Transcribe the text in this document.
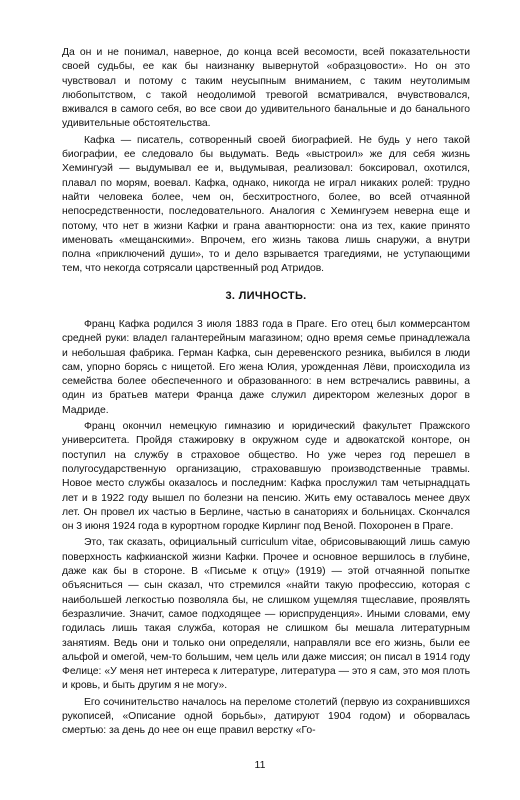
Да он и не понимал, наверное, до конца всей весомости, всей показательности своей судьбы, ее как бы наизнанку вывернутой «образцовости». Но он это чувствовал и потому с таким неусыпным вниманием, с таким неутолимым любопытством, с такой неодолимой тревогой всматривался, вчувствовался, вживался в самого себя, во все свои до удивительного банальные и до банального удивительные обстоятельства.

Кафка — писатель, сотворенный своей биографией. Не будь у него такой биографии, ее следовало бы выдумать. Ведь «выстроил» же для себя жизнь Хемингуэй — выдумывал ее и, выдумывая, реализовал: боксировал, охотился, плавал по морям, воевал. Кафка, однако, никогда не играл никаких ролей: трудно найти человека более, чем он, бесхитростного, более, во всей отчаянной непосредственности, последовательного. Аналогия с Хемингуэем неверна еще и потому, что нет в жизни Кафки и грана авантюрности: она из тех, какие принято именовать «мещанскими». Впрочем, его жизнь такова лишь снаружи, а внутри полна «приключений души», то и дело взрывается трагедиями, не уступающими тем, что некогда сотрясали царственный род Атридов.

3. ЛИЧНОСТЬ.

Франц Кафка родился 3 июля 1883 года в Праге. Его отец был коммерсантом средней руки: владел галантерейным магазином; одно время семье принадлежала и небольшая фабрика. Герман Кафка, сын деревенского резника, выбился в люди сам, упорно борясь с нищетой. Его жена Юлия, урожденная Лёви, происходила из семейства более обеспеченного и образованного: в нем встречались раввины, а один из братьев матери Франца даже служил директором железных дорог в Мадриде.

Франц окончил немецкую гимназию и юридический факультет Пражского университета. Пройдя стажировку в окружном суде и адвокатской конторе, он поступил на службу в страховое общество. Но уже через год перешел в полугосударственную организацию, страховавшую производственные травмы. Новое место службы оказалось и последним: Кафка прослужил там четырнадцать лет и в 1922 году вышел по болезни на пенсию. Жить ему оставалось менее двух лет. Он провел их частью в Берлине, частью в санаториях и больницах. Скончался он 3 июня 1924 года в курортном городке Кирлинг под Веной. Похоронен в Праге.

Это, так сказать, официальный curriculum vitae, обрисовывающий лишь самую поверхность кафкианской жизни Кафки. Прочее и основное вершилось в глубине, даже как бы в стороне. В «Письме к отцу» (1919) — этой отчаянной попытке объясниться — сын сказал, что стремился «найти такую профессию, которая с наибольшей легкостью позволяла бы, не слишком ущемляя тщеславие, проявлять безразличие. Значит, самое подходящее — юриспруденция». Иными словами, ему годилась лишь такая служба, которая не слишком бы мешала литературным занятиям. Ведь они и только они определяли, направляли все его жизнь, были ее альфой и омегой, чем-то большим, чем цель или даже миссия; он писал в 1914 году Фелице: «У меня нет интереса к литературе, литература — это я сам, это моя плоть и кровь, и быть другим я не могу».

Его сочинительство началось на переломе столетий (первую из сохранившихся рукописей, «Описание одной борьбы», датируют 1904 годом) и оборвалась смертью: за день до нее он еще правил верстку «Го-

11
